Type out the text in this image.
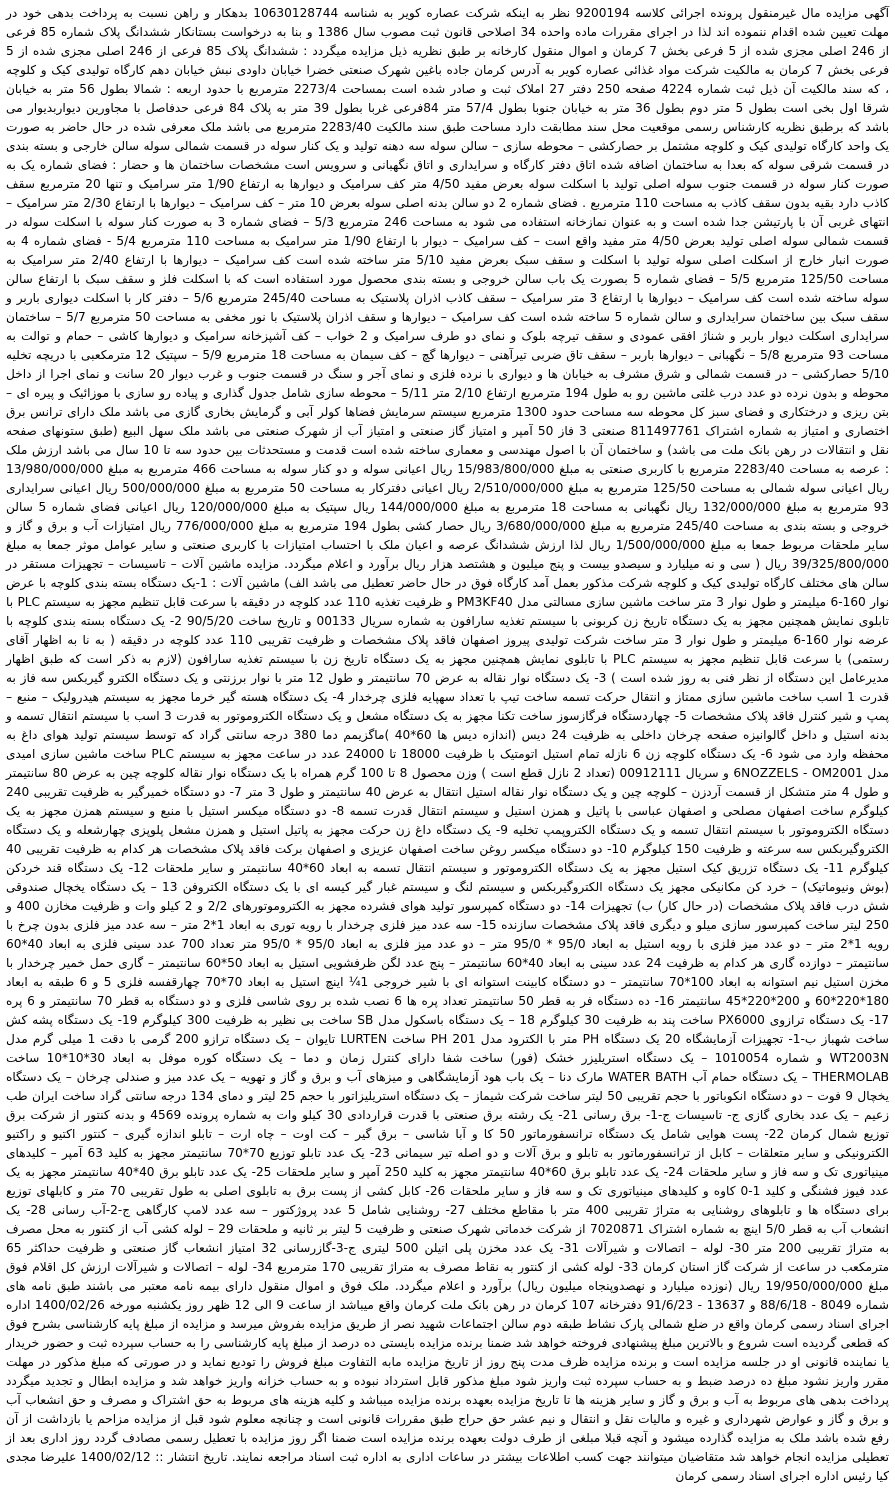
آگهی مزایده مال غیرمنقول پرونده اجرائی کلاسه 9200194 نظر به اینکه شرکت عصاره کویر به شناسه 10630128744 بدهکار و راهن نسبت به پرداخت بدهی خود در مهلت تعیین شده اقدام ننموده اند لذا در اجرای مقررات ماده واحده 34 اصلاحی قانون ثبت مصوب سال 1386 و بنا به درخواست بستانکار ششدانگ پلاک شماره 85 فرعی از 246 اصلی مجزی شده از 5 فرعی بخش 7 کرمان و اموال منقول کارخانه بر طبق نظریه ذیل مزایده میگردد : ششدانگ پلاک 85 فرعی از 246 اصلی مجزی شده از 5 فرعی بخش 7 کرمان به مالکیت شرکت مواد غذائی عصاره کویر به آدرس کرمان جاده باغین شهرک صنعتی خضرا خیابان داودی نبش خیابان دهم کارگاه تولیدی کیک و کلوچه ، که سند مالکیت آن ذیل ثبت شماره 4224 صفحه 250 دفتر 27 املاک ثبت و صادر شده است بمساحت 2273/4 مترمربع با حدود اربعه : شمالا بطول 56 متر به خیابان شرقا اول بخی است بطول 5 متر دوم بطول 36 متر به خیابان جنوبا بطول 57/4 متر 84فرعی غربا بطول 39 متر به پلاک 84 فرعی حدفاصل با مجاورین دیواربدیوار می باشد که برطبق نظریه کارشناس رسمی موقعیت محل سند مطابقت دارد مساحت طبق سند مالکیت 2283/40 مترمربع می باشد ملک معرفی شده در حال حاضر به صورت یک واحد کارگاه تولیدی کیک و کلوچه مشتمل بر حصارکشی – محوطه سازی – سالن سوله سه دهنه تولید و یک کنار سوله در قسمت شمالی سوله سالن خارجی و بسته بندی در قسمت شرقی سوله که بعدا به ساختمان اضافه شده اتاق دفتر کارگاه و سرایداری و اتاق نگهبانی و سرویس است مشخصات ساختمان ها و حضار : فضای شماره یک به صورت کنار سوله در قسمت جنوب سوله اصلی تولید با اسکلت سوله بعرض مفید 4/50 متر کف سرامیک و دیوارها به ارتفاع 1/90 متر سرامیک و تنها 20 مترمربع سقف کاذب دارد بقیه بدون سقف کاذب به مساحت 110 مترمربع . فضای شماره 2 دو سالن بدنه اصلی سوله بعرض 10 متر – کف سرامیک – دیوارها با ارتفاع 2/30 متر سرامیک – انتهای غربی آن با پارتیشن جدا شده است و به عنوان نمازخانه استفاده می شود به مساحت 246 مترمربع 5/3 – فضای شماره 3 به صورت کنار سوله با اسکلت سوله در قسمت شمالی سوله اصلی تولید بعرض 4/50 متر مفید واقع است – کف سرامیک – دیوار با ارتفاع 1/90 متر سرامیک به مساحت 110 مترمربع 5/4 - فضای شماره 4 به صورت انبار خارج از اسکلت اصلی سوله تولید با اسکلت و سقف سبک بعرض مفید 5/10 متر ساخته شده است کف سرامیک – دیوارها با ارتفاع 2/40 متر سرامیک به مساحت 125/50 مترمربع 5/5 – فضای شماره 5 بصورت یک باب سالن خروجی و بسته بندی محصول مورد استفاده است که با اسکلت فلز و سقف سبک با ارتفاع سالن سوله ساخته شده است کف سرامیک – دیوارها با ارتفاع 3 متر سرامیک – سقف کاذب اذران پلاستیک به مساحت 245/40 مترمربع 5/6 – دفتر کار با اسکلت دیواری باربر و سقف سبک بین ساختمان سرایداری و سالن شماره 5 ساخته شده است کف سرامیک – دیوارها و سقف اذران پلاستیک با نور مخفی به مساحت 50 مترمربع 5/7 – ساختمان سرایداری اسکلت دیوار باربر و شناژ افقی عمودی و سقف تیرچه بلوک و نمای دو طرف سرامیک و 2 خواب – کف آشپزخانه سرامیک و دیوارها کاشی – حمام و توالت به مساحت 93 مترمربع 5/8 – نگهبانی – دیوارها باربر – سقف تاق ضربی تیرآهنی – دیوارها گچ – کف سیمان به مساحت 18 مترمربع 5/9 – سپتیک 12 مترمکعبی با دریچه تخلیه 5/10 حصارکشی – در قسمت شمالی و شرق مشرف به خیابان ها و دیواری با نرده فلزی و نمای آجر و سنگ در قسمت جنوب و غرب دیوار 20 سانت و نمای اجرا از داخل محوطه و بدون نرده دو عدد درب غلتی ماشین رو به طول 194 مترمربع ارتفاع 2/10 متر 5/11 – محوطه سازی شامل جدول گذاری و پیاده رو سازی با موزائیک و پیره ای – بتن ریزی و درختکاری و فضای سبز کل محوطه سه مساحت حدود 1300 مترمربع سیستم سرمایش فضاها کولر آبی و گرمایش بخاری گازی می باشد ملک دارای ترانس برق اختصاری و امتیاز به شماره اشتراک 811497761 صنعتی 3 فاز 50 آمپر و امتیاز گاز صنعتی و امتیاز آب از شهرک صنعتی می باشد ملک سهل البیع (طبق ستونهای صفحه نقل و انتقالات در رهن بانک ملت می باشد) و ساختمان آن با اصول مهندسی و معماری ساخته شده است قدمت و مستحدثات بین حدود سه تا 10 سال می باشد ارزش ملک : عرصه به مساحت 2283/40 مترمربع با کاربری صنعتی به مبلغ 15/983/800/000 ریال اعیانی سوله و دو کنار سوله به مساحت 466 مترمربع به مبلغ 13/980/000/000 ریال اعیانی سوله شمالی به مساحت 125/50 مترمربع به مبلغ 2/510/000/000 ریال اعیانی دفترکار به مساحت 50 مترمربع به مبلغ 500/000/000 ریال اعیانی سرایداری 93 مترمربع به مبلغ 132/000/000 ریال نگهبانی به مساحت 18 مترمربع به مبلغ 144/000/000 ریال سپتیک به مبلغ 120/000/000 ریال اعیانی فضای شماره 5 سالن خروجی و بسته بندی به مساحت 245/40 مترمربع به مبلغ 3/680/000/000 ریال حصار کشی بطول 194 مترمربع به مبلغ 776/000/000 ریال امتیازات آب و برق و گاز و سایر ملحقات مربوط جمعا به مبلغ 1/500/000/000 ریال لذا ارزش ششدانگ عرصه و اعیان ملک با احتساب امتیازات با کاربری صنعتی و سایر عوامل موثر جمعا به مبلغ 39/325/800/000 ریال ( سی و نه میلیارد و سیصدو بیست و پنج میلیون و هشتصد هزار ریال برآورد و اعلام میگردد. مزایده ماشین آلات – تاسیسات – تجهیزات مستقر در سالن های مختلف کارگاه تولیدی کیک و کلوچه شرکت مذکور بعمل آمد کارگاه فوق در حال حاضر تعطیل می باشد الف) ماشین آلات : 1-یک دستگاه بسته بندی کلوچه با عرض نوار 160-6 میلیمتر و طول نوار 3 متر ساخت ماشین سازی مسالتی مدل PM3KF40 و ظرفیت تغذیه 110 عدد کلوچه در دقیقه با سرعت قابل تنظیم مجهز به سیستم PLC با تابلوی نمایش همچنین مجهز به یک دستگاه تاریخ زن کربونی با سیستم تغذیه سارافون به شماره سریال 00133 و تاریخ ساخت 90/5/20 2- یک دستگاه بسته بندی کلوچه با عرضه نوار 160-6 میلیمتر و طول نوار 3 متر ساخت شرکت تولیدی پیروز اصفهان فاقد پلاک مشخصات و ظرفیت تقریبی 110 عدد کلوچه در دقیقه ( به نا به اظهار آقای رستمی) با سرعت قابل تنظیم مجهز به سیستم PLC با تابلوی نمایش همچنین مجهز به یک دستگاه تاریخ زن با سیستم تغذیه سارافون (لازم به ذکر است که طبق اظهار مدیرعامل این دستگاه از نظر فنی به روز شده است ) 3- یک دستگاه نوار نقاله به عرض 70 سانتیمتر و طول 12 متر با نوار برزنتی و یک دستگاه الکترو گیربکس سه فاز به قدرت 1 اسب ساخت ماشین سازی ممتاز و انتقال حرکت تسمه ساخت تیپ با تعداد سهپایه فلزی چرخدار 4- یک دستگاه هسته گیر خرما مجهز به سیستم هیدرولیک – منبع – پمپ و شیر کنترل فاقد پلاک مشخصات 5- چهاردستگاه فرگازسوز ساخت تکنا مجهز به یک دستگاه مشعل و یک دستگاه الکتروموتور به قدرت 3 اسب با سیستم انتقال تسمه و بدنه استیل و داخل گالوانیزه صفحه چرخان داخلی به ظرفیت 24 دیس (اندازه دیس ها 60*40 )ماگزیمم دما 380 درجه سانتی گراد که توسط سیستم تولید هوای داغ به محفظه وارد می شود 6- یک دستگاه کلوچه زن 6 نازله تمام استیل اتومتیک با ظرفیت 18000 تا 24000 عدد در ساعت مجهز به سیستم PLC ساخت ماشین سازی امیدی مدل 6NOZZELS - OM2001 و سریال 00912111 (تعداد 2 نازل قطع است ) وزن محصول 8 تا 100 گرم همراه با یک دستگاه نوار نقاله کلوچه چین به عرض 80 سانتیمتر و طول 4 متر متشکل از قسمت آردزن – کلوچه چین و یک دستگاه نوار نقاله استیل انتقال به عرض 40 سانتیمتر و طول 3 متر 7- دو دستگاه خمیرگیر به ظرفیت تقریبی 240 کیلوگرم ساخت اصفهان مصلحی و اصفهان عباسی با پاتیل و همزن استیل و سیستم انتقال قدرت تسمه 8- دو دستگاه میکسر استیل با منبع و سیستم همزن مجهز به یک دستگاه الکتروموتور با سیستم انتقال تسمه و یک دستگاه الکتروپمپ تخلیه 9- یک دستگاه داغ زن حرکت مجهز به پاتیل استیل و همزن مشعل پلوپزی چهارشعله و یک دستگاه الکتروگیربکس سه سرعته و ظرفیت 150 کیلوگرم 10- دو دستگاه میکسر روغن ساخت اصفهان عزیزی و اصفهان برکت فاقد پلاک مشخصات هر کدام به ظرفیت تقریبی 40 کیلوگرم 11- یک دستگاه تزریق کیک استیل مجهز به یک دستگاه الکتروموتور و سیستم انتقال تسمه به ابعاد 60*40 سانتیمتر و سایر ملحقات 12- یک دستگاه قند خردکن (بوش ونیوماتیک) – خرد کن مکانیکی مجهز یک دستگاه الکتروگیربکس و سیستم لنگ و سیستم غبار گیر کیسه ای با یک دستگاه الکتروفن 13 – یک دستگاه یخچال صندوقی شش درب فاقد پلاک مشخصات (در حال کار) ب) تجهیزات 14- دو دستگاه کمپرسور تولید هوای فشرده مجهز به الکتروموتورهای 2/2 و 2 کیلو وات و ظرفیت مخازن 400 و 250 لیتر ساخت کمپرسور سازی میلو و دیگری فاقد پلاک مشخصات سازنده 15- سه عدد میز فلزی چرخدار با رویه توری به ابعاد 1*2 متر – سه عدد میز فلزی بدون چرخ با رویه 1*2 متر – دو عدد میز فلزی با رویه استیل به ابعاد 95/0 * 95/0 متر – دو عدد میز فلزی به ابعاد 95/0 * 95/0 متر تعداد 700 عدد سینی فلزی به ابعاد 40*60 سانتیمتر – دوازده گاری هر کدام به ظرفیت 24 عدد سینی به ابعاد 40*60 سانتیمتر – پنج عدد لگن ظرفشویی استیل به ابعاد 50*60 سانتیمتر – گاری حمل خمیر چرخدار با مخزن استیل نیم استوانه به ابعاد 100*70 سانتیمتر – دو دستگاه کابینت استوانه ای با شیر خروجی 1¼ اینچ استیل به ابعاد 70*70 چهارقفسه فلزی 5 و 6 طبقه به ابعاد 180*220*60 و 200*220*45 سانتیمتر 16- ده دستگاه فر به قطر 50 سانتیمتر تعداد پره ها 6 نصب شده بر روی شاسی فلزی و دو دستگاه به قطر 70 سانتیمتر و 6 پره 17- یک دستگاه ترازوی PX6000 ساخت پند به ظرفیت 30 کیلوگرم 18 – یک دستگاه باسکول مدل SB ساخت بی نظیر به ظرفیت 300 کیلوگرم 19- یک دستگاه پشه کش ساخت شهباز ب-1- تجهیزات آزمایشگاه 20 یک دستگاه PH متر با الکترود مدل PH 201 ساخت LURTEN تایوان – یک دستگاه ترازو 200 گرمی با دقت 1 میلی گرم مدل WT2003N و شماره 1010054 – یک دستگاه استریلیزر خشک (فور) ساخت شفا دارای کنترل زمان و دما – یک دستگاه کوره موفل به ابعاد 30*10*10 ساخت THERMOLAB – یک دستگاه حمام آب WATER BATH مارک دنا – یک باب هود آزمایشگاهی و میزهای آب و برق و گاز و تهویه – یک عدد میز و صندلی چرخان – یک دستگاه یخچال 9 فوت – دو دستگاه انکوباتور با حجم تقریبی 50 لیتر ساخت شرکت شیماز – یک دستگاه استریلیزاتور با حجم 25 لیتر و دمای 134 درجه سانتی گراد ساخت ایران طب زعیم – یک عدد بخاری گازی ج- تاسیسات ج-1- برق رسانی 21- یک رشته برق صنعتی با قدرت قراردادی 30 کیلو وات به شماره پرونده 4569 و بدنه کنتور از شرکت برق توزیع شمال کرمان 22- پست هوایی شامل یک دستگاه ترانسفورماتور 50 کا و آبا شاسی – برق گیر – کت اوت – چاه ارت – تابلو اندازه گیری – کنتور اکتیو و راکتیو الکترونیکی و سایر متعلقات – کابل از ترانسفورماتور به تابلو و برق آلات و دو اصله تیر سیمانی 23- یک عدد تابلو توزیع 70*70 سانتیمتر مجهز به کلید 63 آمپر – کلیدهای مینیاتوری تک و سه فاز و سایر ملحقات 24- یک عدد تابلو برق 60*40 سانتیمتر مجهز به کلید 250 آمپر و سایر ملحقات 25- یک عدد تابلو برق 40*40 سانتیمتر مجهز به یک عدد فیوز فشنگی و کلید 1-0 کاوه و کلیدهای مینیاتوری تک و سه فاز و سایر ملحقات 26- کابل کشی از پست برق به تابلوی اصلی به طول تقریبی 70 متر و کابلهای توزیع برای دستگاه ها و تابلوهای روشنایی به متراژ تقریبی 400 متر با مقاطع مختلف 27- روشنایی شامل 5 عدد پروژکتور – سه عدد لامپ کارگاهی ج-2-آب رسانی 28- یک انشعاب آب به قطر 5/0 اینچ به شماره اشتراک 7020871 از شرکت خدماتی شهرک صنعتی و ظرفیت 5 لیتر بر ثانیه و ملحقات 29 – لوله کشی آب از کنتور به محل مصرف به متراژ تقریبی 200 متر 30- لوله – اتصالات و شیرآلات 31- یک عدد مخزن پلی اتیلن 500 لیتری ج-3-گازرسانی 32 امتیاز انشعاب گاز صنعتی و ظرفیت حداکثر 65 مترمکعب در ساعت از شرکت گاز استان کرمان 33- لوله کشی از کنتور به نقاط مصرف به متراژ تقریبی 170 مترمربع 34- لوله – اتصالات و شیرآلات ارزش کل اقلام فوق مبلغ 19/950/000/000 ریال (نوزده میلیارد و نهصدوپنجاه میلیون ریال) برآورد و اعلام میگردد. ملک فوق و اموال منقول دارای بیمه نامه معتبر می باشند طبق نامه های شماره 8049 - 88/6/18 و 13637 - 91/6/23 دفترخانه 107 کرمان در رهن بانک ملت کرمان واقع میباشد از ساعت 9 الی 12 ظهر روز یکشنبه مورخه 1400/02/26 اداره اجرای اسناد رسمی کرمان واقع در ضلع شمالی پارک نشاط طبقه دوم سالن اجتماعات شهید نصر از طریق مزایده بفروش میرسد و مزایده از مبلغ پایه کارشناسی بشرح فوق که قطعی گردیده است شروع و بالاترین مبلغ پیشنهادی فروخته خواهد شد ضمنا برنده مزایده بایستی ده درصد از مبلغ پایه کارشناسی را به حساب سپرده ثبت و حضور خریدار یا نماینده قانونی او در جلسه مزایده است و برنده مزایده ظرف مدت پنج روز از تاریخ مزایده مابه التفاوت مبلغ فروش را تودیع نماید و در صورتی که مبلغ مذکور در مهلت مقرر واریز نشود مبلغ ده درصد ضبط و به حساب سپرده ثبت واریز شود مبلغ مذکور قابل استرداد نبوده و به حساب خزانه واریز خواهد شد و مزایده ابطال و تجدید میگردد پرداخت بدهی های مربوط به آب و برق و گاز و سایر هزینه ها تا تاریخ مزایده بعهده برنده مزایده میباشد و کلیه هزینه های مربوط به حق اشتراک و مصرف و حق انشعاب آب و برق و گاز و عوارض شهرداری و غیره و مالیات نقل و انتقال و نیم عشر حق حراج طبق مقررات قانونی است و چنانچه معلوم شود قبل از مزایده مزاحم یا بازداشت از آن رفع شده باشد ملک به مزایده گذارده میشود و آنچه قبلا مبلغی از طرف دولت بعهده برنده مزایده است ضمنا اگر روز مزایده با تعطیل رسمی مصادف گردد روز اداری بعد از تعطیلی مزایده انجام خواهد شد متقاضیان میتوانند جهت کسب اطلاعات بیشتر در ساعات اداری به اداره ثبت اسناد مراجعه نمایند. تاریخ انتشار :: 1400/02/12 علیرضا مجدی کیا رئیس اداره اجرای اسناد رسمی کرمان
